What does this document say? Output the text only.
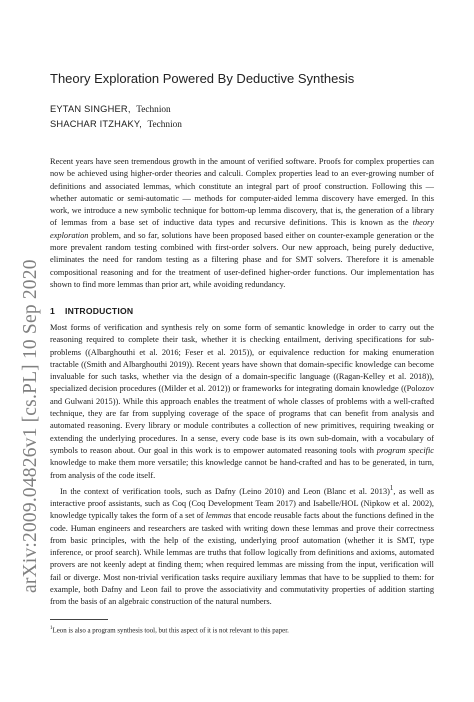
arXiv:2009.04826v1 [cs.PL] 10 Sep 2020
Theory Exploration Powered By Deductive Synthesis
EYTAN SINGHER, Technion
SHACHAR ITZHAKY, Technion

Recent years have seen tremendous growth in the amount of verified software. Proofs for complex properties can now be achieved using higher-order theories and calculi. Complex properties lead to an ever-growing number of definitions and associated lemmas, which constitute an integral part of proof construction. Following this — whether automatic or semi-automatic — methods for computer-aided lemma discovery have emerged. In this work, we introduce a new symbolic technique for bottom-up lemma discovery, that is, the generation of a library of lemmas from a base set of inductive data types and recursive definitions. This is known as the theory exploration problem, and so far, solutions have been proposed based either on counter-example generation or the more prevalent random testing combined with first-order solvers. Our new approach, being purely deductive, eliminates the need for random testing as a filtering phase and for SMT solvers. Therefore it is amenable compositional reasoning and for the treatment of user-defined higher-order functions. Our implementation has shown to find more lemmas than prior art, while avoiding redundancy.

1 INTRODUCTION

Most forms of verification and synthesis rely on some form of semantic knowledge in order to carry out the reasoning required to complete their task, whether it is checking entailment, deriving specifications for sub-problems ((Albarghouthi et al. 2016; Feser et al. 2015)), or equivalence reduction for making enumeration tractable ((Smith and Albarghouthi 2019)). Recent years have shown that domain-specific knowledge can become invaluable for such tasks, whether via the design of a domain-specific language ((Ragan-Kelley et al. 2018)), specialized decision procedures ((Milder et al. 2012)) or frameworks for integrating domain knowledge ((Polozov and Gulwani 2015)). While this approach enables the treatment of whole classes of problems with a well-crafted technique, they are far from supplying coverage of the space of programs that can benefit from analysis and automated reasoning. Every library or module contributes a collection of new primitives, requiring tweaking or extending the underlying procedures. In a sense, every code base is its own sub-domain, with a vocabulary of symbols to reason about. Our goal in this work is to empower automated reasoning tools with program specific knowledge to make them more versatile; this knowledge cannot be hand-crafted and has to be generated, in turn, from analysis of the code itself.

In the context of verification tools, such as Dafny (Leino 2010) and Leon (Blanc et al. 2013)$^1$, as well as interactive proof assistants, such as Coq (Coq Development Team 2017) and Isabelle/HOL (Nipkow et al. 2002), knowledge typically takes the form of a set of lemmas that encode reusable facts about the functions defined in the code. Human engineers and researchers are tasked with writing down these lemmas and prove their correctness from basic principles, with the help of the existing, underlying proof automation (whether it is SMT, type inference, or proof search). While lemmas are truths that follow logically from definitions and axioms, automated provers are not keenly adept at finding them; when required lemmas are missing from the input, verification will fail or diverge. Most non-trivial verification tasks require auxiliary lemmas that have to be supplied to them: for example, both Dafny and Leon fail to prove the associativity and commutativity properties of addition starting from the basis of an algebraic construction of the natural numbers.

$^1$Leon is also a program synthesis tool, but this aspect of it is not relevant to this paper.
